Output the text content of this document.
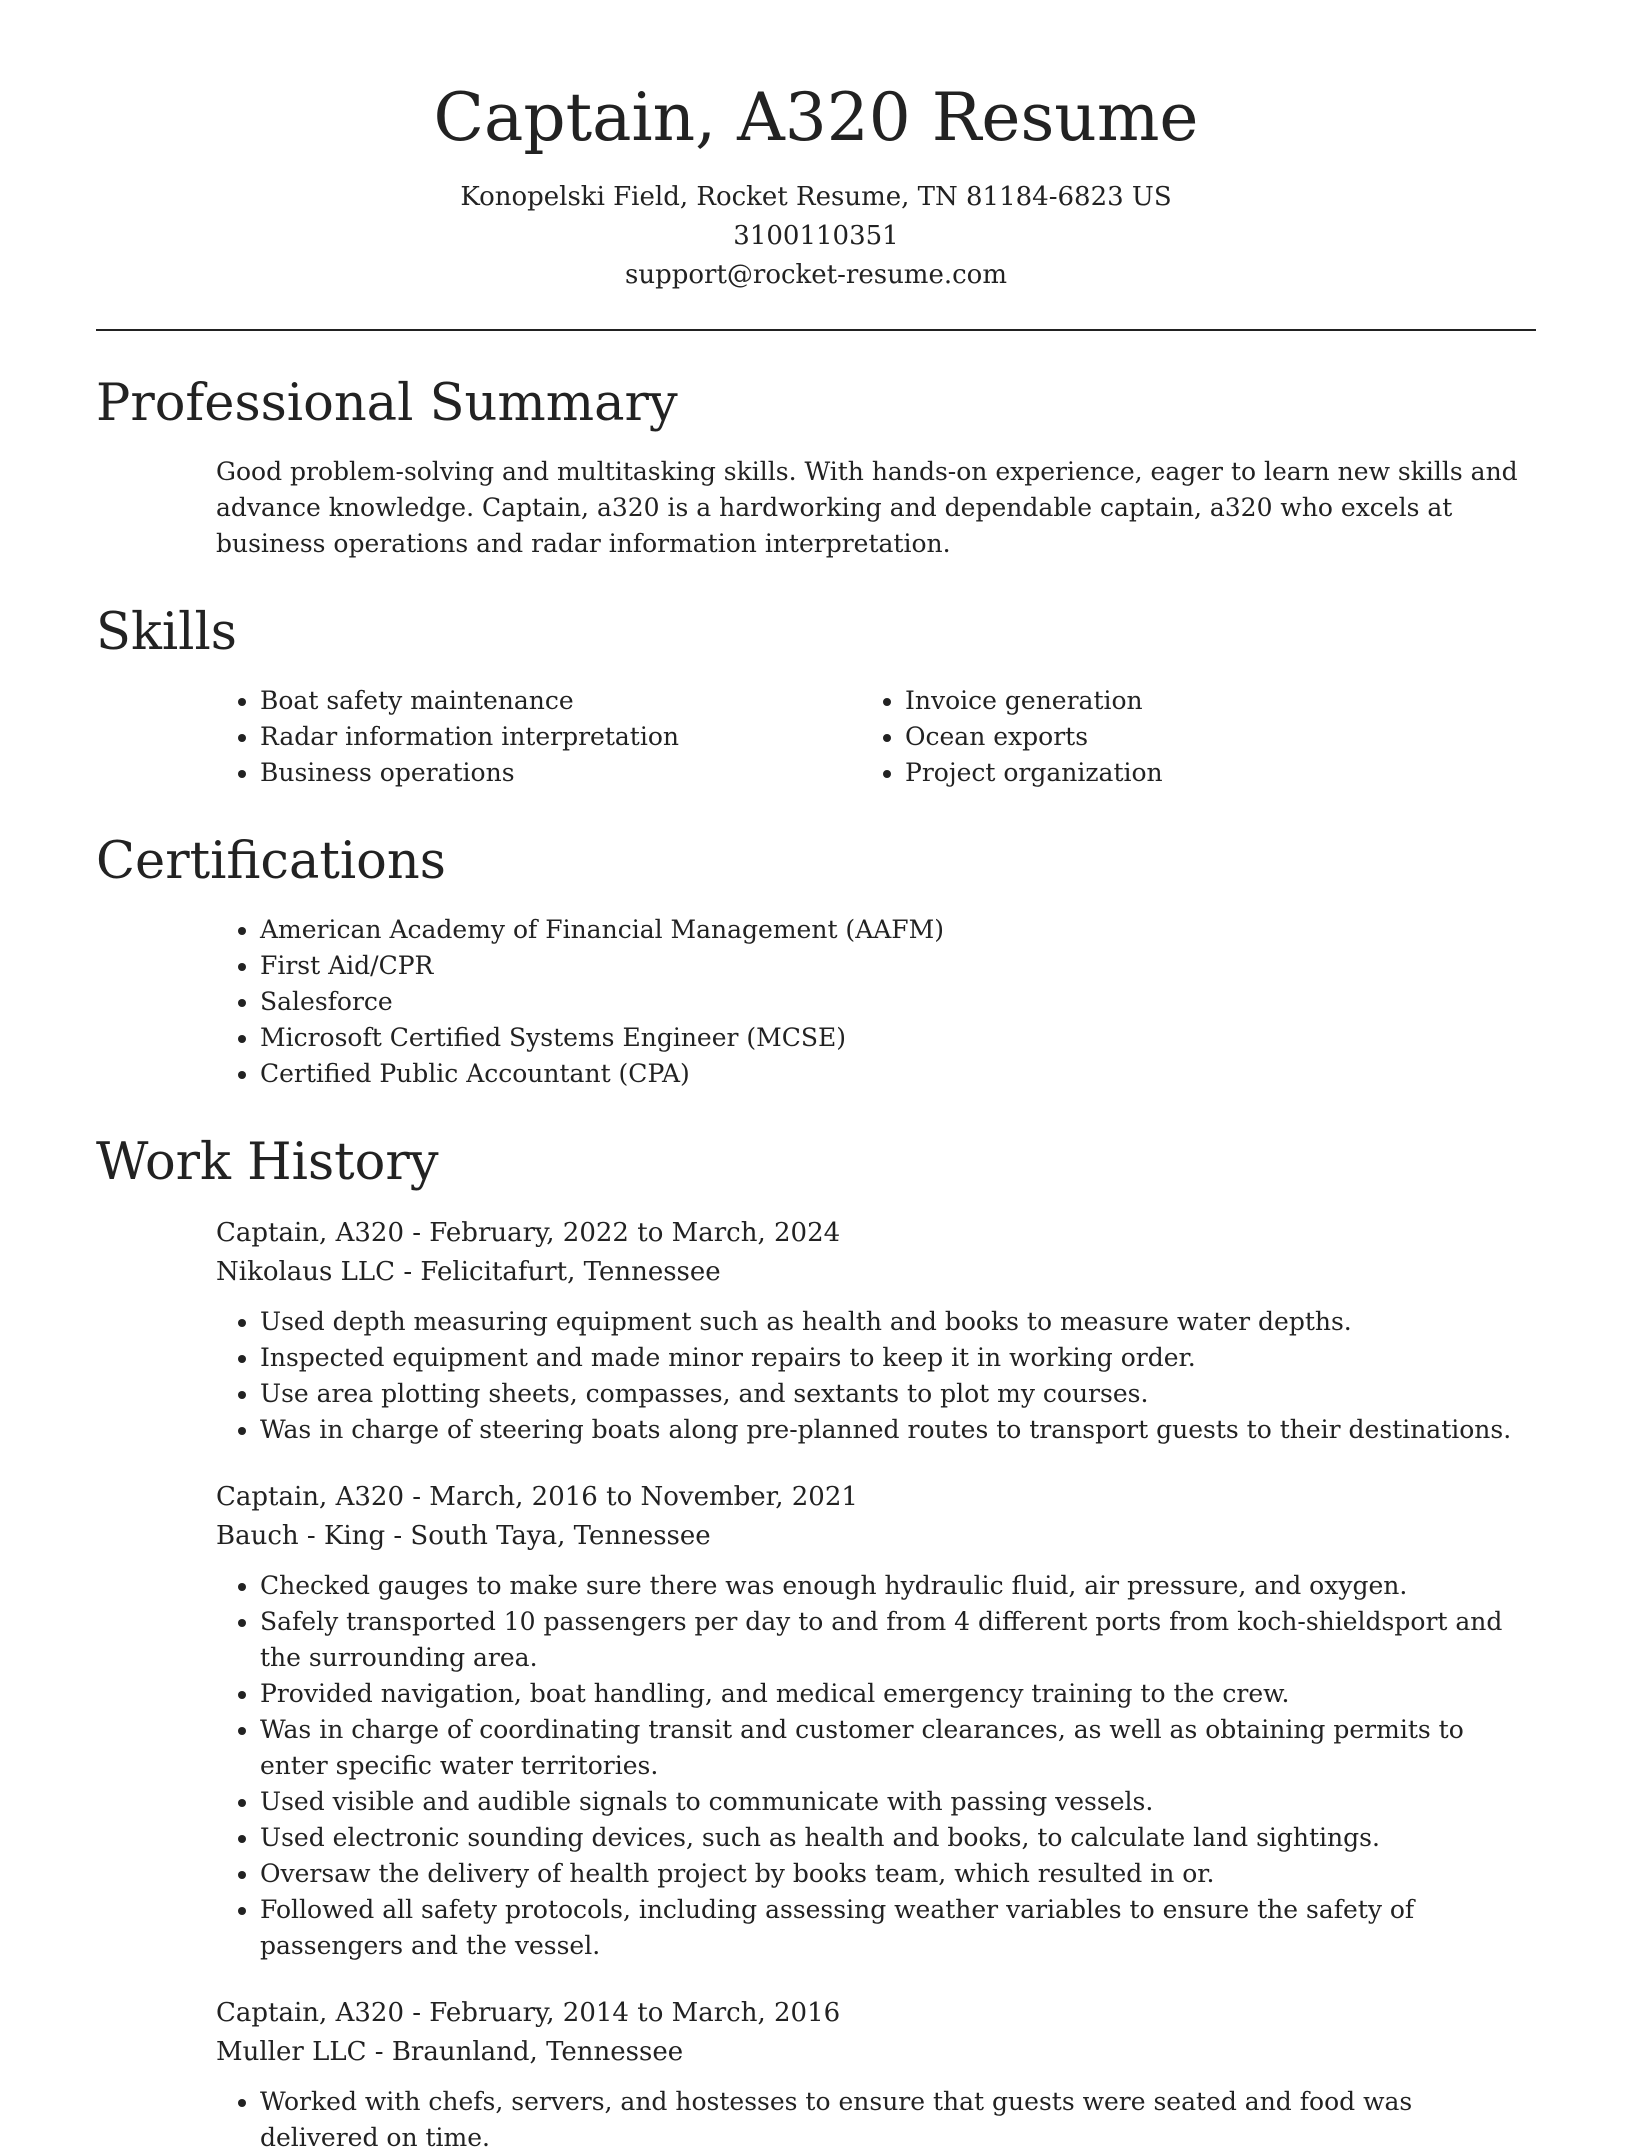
Captain, A320 Resume
Konopelski Field, Rocket Resume, TN 81184-6823 US
3100110351
support@rocket-resume.com
Professional Summary

Good problem-solving and multitasking skills. With hands-on experience, eager to learn new skills and advance knowledge. Captain, a320 is a hardworking and dependable captain, a320 who excels at business operations and radar information interpretation.

Skills
• Boat safety maintenance
• Radar information interpretation
• Business operations
• Invoice generation
• Ocean exports
• Project organization
Certifications
• American Academy of Financial Management (AAFM)
• First Aid/CPR
• Salesforce
• Microsoft Certified Systems Engineer (MCSE)
• Certified Public Accountant (CPA)
Work History
Captain, A320 - February, 2022 to March, 2024
Nikolaus LLC - Felicitafurt, Tennessee
• Used depth measuring equipment such as health and books to measure water depths.
• Inspected equipment and made minor repairs to keep it in working order.
• Use area plotting sheets, compasses, and sextants to plot my courses.
• Was in charge of steering boats along pre-planned routes to transport guests to their destinations.
Captain, A320 - March, 2016 to November, 2021
Bauch - King - South Taya, Tennessee
• Checked gauges to make sure there was enough hydraulic fluid, air pressure, and oxygen.
• Safely transported 10 passengers per day to and from 4 different ports from koch-shieldsport and the surrounding area.
• Provided navigation, boat handling, and medical emergency training to the crew.
• Was in charge of coordinating transit and customer clearances, as well as obtaining permits to enter specific water territories.
• Used visible and audible signals to communicate with passing vessels.
• Used electronic sounding devices, such as health and books, to calculate land sightings.
• Oversaw the delivery of health project by books team, which resulted in or.
• Followed all safety protocols, including assessing weather variables to ensure the safety of passengers and the vessel.
Captain, A320 - February, 2014 to March, 2016
Muller LLC - Braunland, Tennessee
• Worked with chefs, servers, and hostesses to ensure that guests were seated and food was delivered on time.
